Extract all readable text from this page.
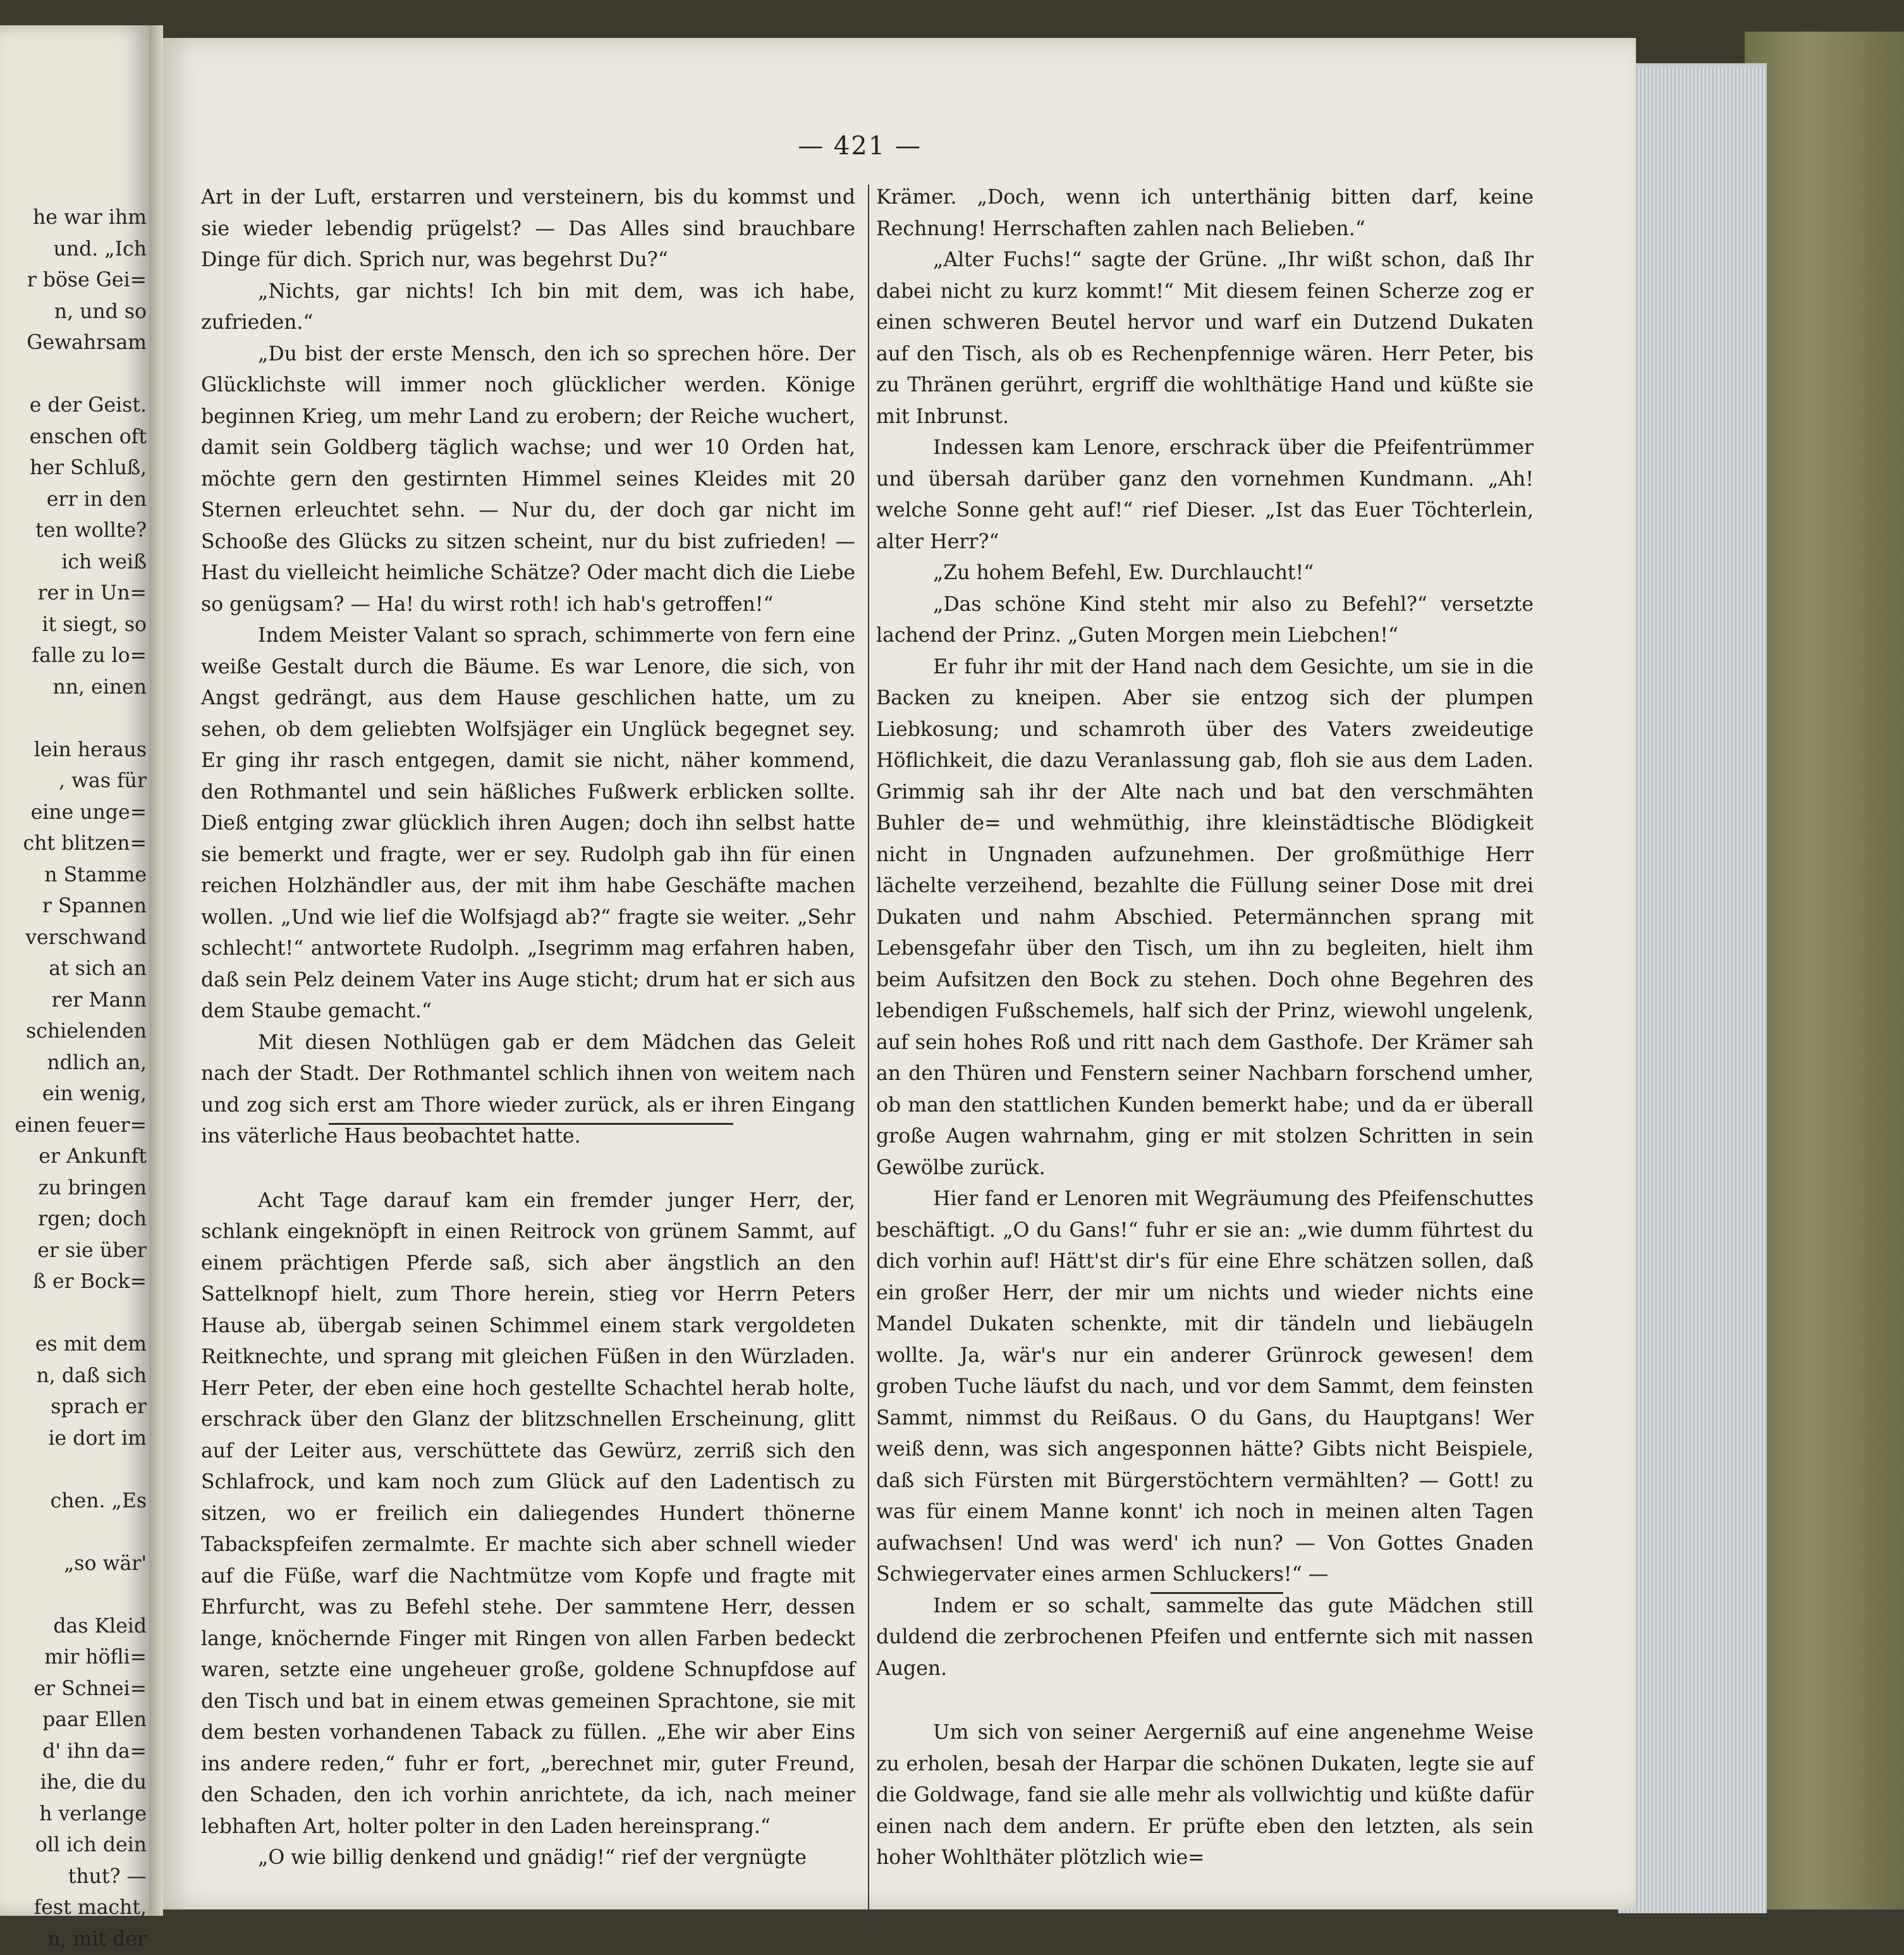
he war ihm
und. „Ich
r böse Gei=
n, und so
Gewahrsam
e der Geist.
enschen oft
her Schluß,
err in den
ten wollte?
ich weiß
rer in Un=
it siegt, so
falle zu lo=
nn, einen
lein heraus
, was für
eine unge=
cht blitzen=
n Stamme
r Spannen
verschwand
at sich an
rer Mann
schielenden
ndlich an,
ein wenig,
einen feuer=
er Ankunft
zu bringen
rgen; doch
er sie über
ß er Bock=
es mit dem
n, daß sich
sprach er
ie dort im
chen. „Es
„so wär'
das Kleid
mir höfli=
er Schnei=
paar Ellen
d' ihn da=
ihe, die du
h verlange
oll ich dein
thut? —
fest macht,
n, mit der
— 421 —

Art in der Luft, erstarren und versteinern, bis du kommst und sie wieder lebendig prügelst? — Das Alles sind brauchbare Dinge für dich. Sprich nur, was begehrst Du?“

„Nichts, gar nichts! Ich bin mit dem, was ich habe, zufrieden.“

„Du bist der erste Mensch, den ich so sprechen höre. Der Glücklichste will immer noch glücklicher werden. Könige beginnen Krieg, um mehr Land zu erobern; der Reiche wuchert, damit sein Goldberg täglich wachse; und wer 10 Orden hat, möchte gern den gestirnten Himmel seines Kleides mit 20 Sternen erleuchtet sehn. — Nur du, der doch gar nicht im Schooße des Glücks zu sitzen scheint, nur du bist zufrieden! — Hast du vielleicht heimliche Schätze? Oder macht dich die Liebe so genügsam? — Ha! du wirst roth! ich hab's getroffen!“

Indem Meister Valant so sprach, schimmerte von fern eine weiße Gestalt durch die Bäume. Es war Lenore, die sich, von Angst gedrängt, aus dem Hause geschlichen hatte, um zu sehen, ob dem geliebten Wolfsjäger ein Unglück begegnet sey. Er ging ihr rasch entgegen, damit sie nicht, näher kommend, den Rothmantel und sein häßliches Fußwerk erblicken sollte. Dieß entging zwar glücklich ihren Augen; doch ihn selbst hatte sie bemerkt und fragte, wer er sey. Rudolph gab ihn für einen reichen Holzhändler aus, der mit ihm habe Geschäfte machen wollen. „Und wie lief die Wolfsjagd ab?“ fragte sie weiter. „Sehr schlecht!“ antwortete Rudolph. „Isegrimm mag erfahren haben, daß sein Pelz deinem Vater ins Auge sticht; drum hat er sich aus dem Staube gemacht.“

Mit diesen Nothlügen gab er dem Mädchen das Geleit nach der Stadt. Der Rothmantel schlich ihnen von weitem nach und zog sich erst am Thore wieder zurück, als er ihren Eingang ins väterliche Haus beobachtet hatte.

Acht Tage darauf kam ein fremder junger Herr, der, schlank eingeknöpft in einen Reitrock von grünem Sammt, auf einem prächtigen Pferde saß, sich aber ängstlich an den Sattelknopf hielt, zum Thore herein, stieg vor Herrn Peters Hause ab, übergab seinen Schimmel einem stark vergoldeten Reitknechte, und sprang mit gleichen Füßen in den Würzladen. Herr Peter, der eben eine hoch gestellte Schachtel herab holte, erschrack über den Glanz der blitzschnellen Erscheinung, glitt auf der Leiter aus, verschüttete das Gewürz, zerriß sich den Schlafrock, und kam noch zum Glück auf den Ladentisch zu sitzen, wo er freilich ein daliegendes Hundert thönerne Tabackspfeifen zermalmte. Er machte sich aber schnell wieder auf die Füße, warf die Nachtmütze vom Kopfe und fragte mit Ehrfurcht, was zu Befehl stehe. Der sammtene Herr, dessen lange, knöchernde Finger mit Ringen von allen Farben bedeckt waren, setzte eine ungeheuer große, goldene Schnupfdose auf den Tisch und bat in einem etwas gemeinen Sprachtone, sie mit dem besten vorhandenen Taback zu füllen. „Ehe wir aber Eins ins andere reden,“ fuhr er fort, „berechnet mir, guter Freund, den Schaden, den ich vorhin anrichtete, da ich, nach meiner lebhaften Art, holter polter in den Laden hereinsprang.“

„O wie billig denkend und gnädig!“ rief der vergnügte

Krämer. „Doch, wenn ich unterthänig bitten darf, keine Rechnung! Herrschaften zahlen nach Belieben.“

„Alter Fuchs!“ sagte der Grüne. „Ihr wißt schon, daß Ihr dabei nicht zu kurz kommt!“ Mit diesem feinen Scherze zog er einen schweren Beutel hervor und warf ein Dutzend Dukaten auf den Tisch, als ob es Rechenpfennige wären. Herr Peter, bis zu Thränen gerührt, ergriff die wohlthätige Hand und küßte sie mit Inbrunst.

Indessen kam Lenore, erschrack über die Pfeifentrümmer und übersah darüber ganz den vornehmen Kundmann. „Ah! welche Sonne geht auf!“ rief Dieser. „Ist das Euer Töchterlein, alter Herr?“

„Zu hohem Befehl, Ew. Durchlaucht!“

„Das schöne Kind steht mir also zu Befehl?“ versetzte lachend der Prinz. „Guten Morgen mein Liebchen!“

Er fuhr ihr mit der Hand nach dem Gesichte, um sie in die Backen zu kneipen. Aber sie entzog sich der plumpen Liebkosung; und schamroth über des Vaters zweideutige Höflichkeit, die dazu Veranlassung gab, floh sie aus dem Laden. Grimmig sah ihr der Alte nach und bat den verschmähten Buhler de= und wehmüthig, ihre kleinstädtische Blödigkeit nicht in Ungnaden aufzunehmen. Der großmüthige Herr lächelte verzeihend, bezahlte die Füllung seiner Dose mit drei Dukaten und nahm Abschied. Petermännchen sprang mit Lebensgefahr über den Tisch, um ihn zu begleiten, hielt ihm beim Aufsitzen den Bock zu stehen. Doch ohne Begehren des lebendigen Fußschemels, half sich der Prinz, wiewohl ungelenk, auf sein hohes Roß und ritt nach dem Gasthofe. Der Krämer sah an den Thüren und Fenstern seiner Nachbarn forschend umher, ob man den stattlichen Kunden bemerkt habe; und da er überall große Augen wahrnahm, ging er mit stolzen Schritten in sein Gewölbe zurück.

Hier fand er Lenoren mit Wegräumung des Pfeifenschuttes beschäftigt. „O du Gans!“ fuhr er sie an: „wie dumm führtest du dich vorhin auf! Hätt'st dir's für eine Ehre schätzen sollen, daß ein großer Herr, der mir um nichts und wieder nichts eine Mandel Dukaten schenkte, mit dir tändeln und liebäugeln wollte. Ja, wär's nur ein anderer Grünrock gewesen! dem groben Tuche läufst du nach, und vor dem Sammt, dem feinsten Sammt, nimmst du Reißaus. O du Gans, du Hauptgans! Wer weiß denn, was sich angesponnen hätte? Gibts nicht Beispiele, daß sich Fürsten mit Bürgerstöchtern vermählten? — Gott! zu was für einem Manne konnt' ich noch in meinen alten Tagen aufwachsen! Und was werd' ich nun? — Von Gottes Gnaden Schwiegervater eines armen Schluckers!“ —

Indem er so schalt, sammelte das gute Mädchen still duldend die zerbrochenen Pfeifen und entfernte sich mit nassen Augen.

Um sich von seiner Aergerniß auf eine angenehme Weise zu erholen, besah der Harpar die schönen Dukaten, legte sie auf die Goldwage, fand sie alle mehr als vollwichtig und küßte dafür einen nach dem andern. Er prüfte eben den letzten, als sein hoher Wohlthäter plötzlich wie=
